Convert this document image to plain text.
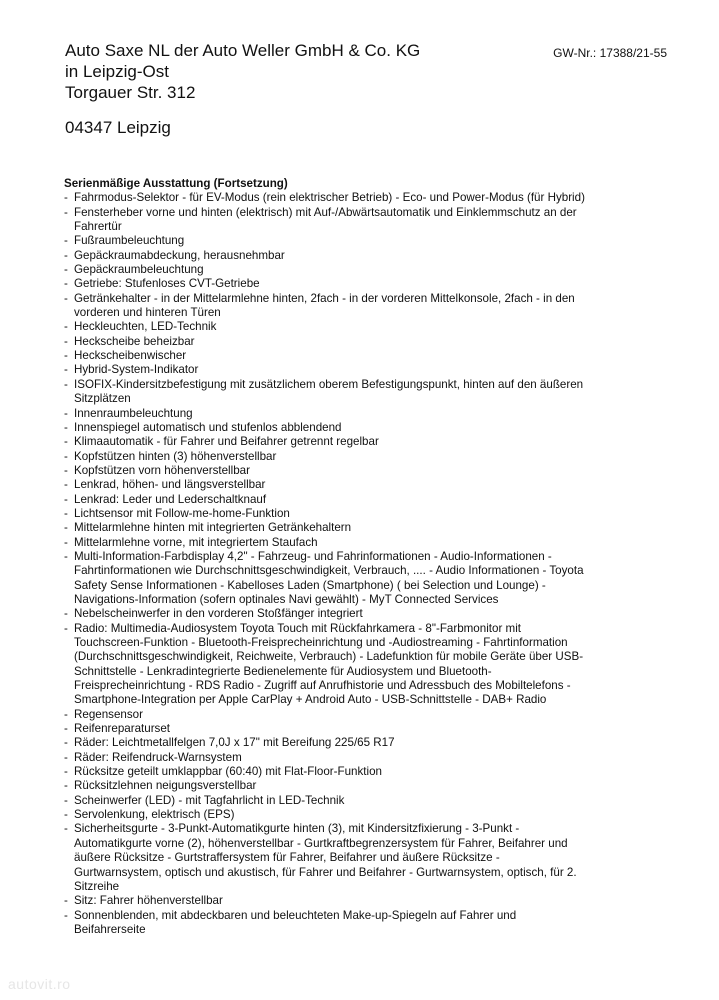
Auto Saxe NL der Auto Weller GmbH & Co. KG
in Leipzig-Ost
Torgauer Str. 312
04347 Leipzig
GW-Nr.: 17388/21-55
Serienmäßige Ausstattung (Fortsetzung)
- Fahrmodus-Selektor - für EV-Modus (rein elektrischer Betrieb) - Eco- und Power-Modus (für Hybrid)
- Fensterheber vorne und hinten (elektrisch) mit Auf-/Abwärtsautomatik und Einklemmschutz an der Fahrertür
- Fußraumbeleuchtung
- Gepäckraumabdeckung, herausnehmbar
- Gepäckraumbeleuchtung
- Getriebe: Stufenloses CVT-Getriebe
- Getränkehalter - in der Mittelarmlehne hinten, 2fach - in der vorderen Mittelkonsole, 2fach - in den vorderen und hinteren Türen
- Heckleuchten, LED-Technik
- Heckscheibe beheizbar
- Heckscheibenwischer
- Hybrid-System-Indikator
- ISOFIX-Kindersitzbefestigung mit zusätzlichem oberem Befestigungspunkt, hinten auf den äußeren Sitzplätzen
- Innenraumbeleuchtung
- Innenspiegel automatisch und stufenlos abblendend
- Klimaautomatik - für Fahrer und Beifahrer getrennt regelbar
- Kopfstützen hinten (3) höhenverstellbar
- Kopfstützen vorn höhenverstellbar
- Lenkrad, höhen- und längsverstellbar
- Lenkrad: Leder und Lederschaltknauf
- Lichtsensor mit Follow-me-home-Funktion
- Mittelarmlehne hinten mit integrierten Getränkehaltern
- Mittelarmlehne vorne, mit integriertem Staufach
- Multi-Information-Farbdisplay 4,2" - Fahrzeug- und Fahrinformationen - Audio-Informationen - Fahrtinformationen wie Durchschnittsgeschwindigkeit, Verbrauch, .... - Audio Informationen - Toyota Safety Sense Informationen - Kabelloses Laden (Smartphone) ( bei Selection und Lounge) - Navigations-Information (sofern optinales Navi gewählt) - MyT Connected Services
- Nebelscheinwerfer in den vorderen Stoßfänger integriert
- Radio: Multimedia-Audiosystem Toyota Touch mit Rückfahrkamera - 8"-Farbmonitor mit Touchscreen-Funktion - Bluetooth-Freisprecheinrichtung und -Audiostreaming - Fahrtinformation (Durchschnittsgeschwindigkeit, Reichweite, Verbrauch) - Ladefunktion für mobile Geräte über USB-Schnittstelle - Lenkradintegrierte Bedienelemente für Audiosystem und Bluetooth-Freisprecheinrichtung - RDS Radio - Zugriff auf Anrufhistorie und Adressbuch des Mobiltelefons - Smartphone-Integration per Apple CarPlay + Android Auto - USB-Schnittstelle - DAB+ Radio
- Regensensor
- Reifenreparaturset
- Räder: Leichtmetallfelgen 7,0J x 17" mit Bereifung 225/65 R17
- Räder: Reifendruck-Warnsystem
- Rücksitze geteilt umklappbar (60:40) mit Flat-Floor-Funktion
- Rücksitzlehnen neigungsverstellbar
- Scheinwerfer (LED) - mit Tagfahrlicht in LED-Technik
- Servolenkung, elektrisch (EPS)
- Sicherheitsgurte - 3-Punkt-Automatikgurte hinten (3), mit Kindersitzfixierung - 3-Punkt -Automatikgurte vorne (2), höhenverstellbar - Gurtkraftbegrenzersystem für Fahrer, Beifahrer und äußere Rücksitze - Gurtstraffersystem für Fahrer, Beifahrer und äußere Rücksitze - Gurtwarnsystem, optisch und akustisch, für Fahrer und Beifahrer - Gurtwarnsystem, optisch, für 2. Sitzreihe
- Sitz: Fahrer höhenverstellbar
- Sonnenblenden, mit abdeckbaren und beleuchteten Make-up-Spiegeln auf Fahrer und Beifahrerseite
autovit.ro
